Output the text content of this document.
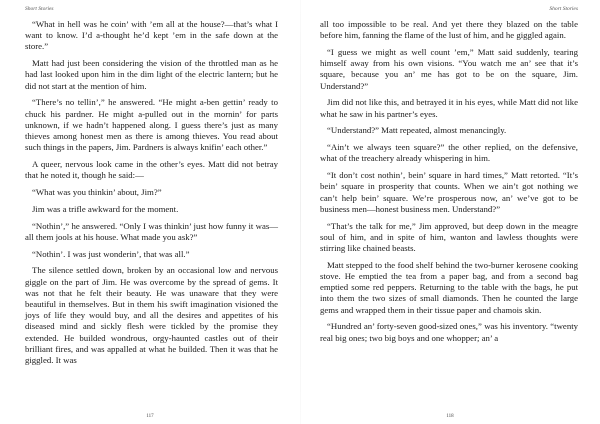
Short Stories

“What in hell was he coin’ with ’em all at the house?—that’s what I want to know. I’d a-thought he’d kept ’em in the safe down at the store.”

Matt had just been considering the vision of the throttled man as he had last looked upon him in the dim light of the electric lantern; but he did not start at the mention of him.

“There’s no tellin’,” he answered. “He might a-ben gettin’ ready to chuck his pardner. He might a-pulled out in the mornin’ for parts unknown, if we hadn’t happened along. I guess there’s just as many thieves among honest men as there is among thieves. You read about such things in the papers, Jim. Pardners is always knifin’ each other.”

A queer, nervous look came in the other’s eyes. Matt did not betray that he noted it, though he said:—

“What was you thinkin’ about, Jim?”

Jim was a trifle awkward for the moment.

“Nothin’,” he answered. “Only I was thinkin’ just how funny it was—all them jools at his house. What made you ask?”

“Nothin’. I was just wonderin’, that was all.”

The silence settled down, broken by an occasional low and nervous giggle on the part of Jim. He was overcome by the spread of gems. It was not that he felt their beauty. He was unaware that they were beautiful in themselves. But in them his swift imagination visioned the joys of life they would buy, and all the desires and appetites of his diseased mind and sickly flesh were tickled by the promise they extended. He builded wondrous, orgy-haunted castles out of their brilliant fires, and was appalled at what he builded. Then it was that he giggled. It was

117
Short Stories

all too impossible to be real. And yet there they blazed on the table before him, fanning the flame of the lust of him, and he giggled again.

“I guess we might as well count ’em,” Matt said suddenly, tearing himself away from his own visions. “You watch me an’ see that it’s square, because you an’ me has got to be on the square, Jim. Understand?”

Jim did not like this, and betrayed it in his eyes, while Matt did not like what he saw in his partner’s eyes.

“Understand?” Matt repeated, almost menancingly.

“Ain’t we always teen square?” the other replied, on the defensive, what of the treachery already whispering in him.

“It don’t cost nothin’, bein’ square in hard times,” Matt retorted. “It’s bein’ square in prosperity that counts. When we ain’t got nothing we can’t help bein’ square. We’re prosperous now, an’ we’ve got to be business men—honest business men. Understand?”

“That’s the talk for me,” Jim approved, but deep down in the meagre soul of him, and in spite of him, wanton and lawless thoughts were stirring like chained beasts.

Matt stepped to the food shelf behind the two-burner kerosene cooking stove. He emptied the tea from a paper bag, and from a second bag emptied some red peppers. Returning to the table with the bags, he put into them the two sizes of small diamonds. Then he counted the large gems and wrapped them in their tissue paper and chamois skin.

“Hundred an’ forty-seven good-sized ones,” was his inventory. “twenty real big ones; two big boys and one whopper; an’ a

118
